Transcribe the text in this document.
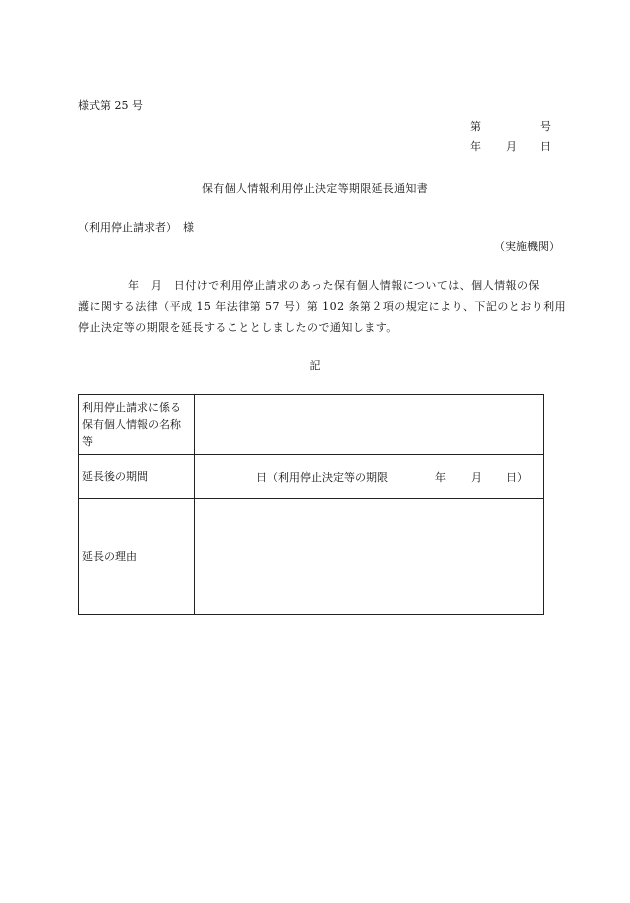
様式第 25 号
第	号
年 月 日
保有個人情報利用停止決定等期限延長通知書
（利用停止請求者） 様
（実施機関）
年　月　日付けで利用停止請求のあった保有個人情報については、個人情報の保
護に関する法律（平成 15 年法律第 57 号）第 102 条第２項の規定により、下記のとおり利用
停止決定等の期限を延長することとしましたので通知します。
記
利用停止請求に係る保有個人情報の名称等	
延長後の期間	日（利用停止決定等の期限 年 月 日）

延長の理由	
